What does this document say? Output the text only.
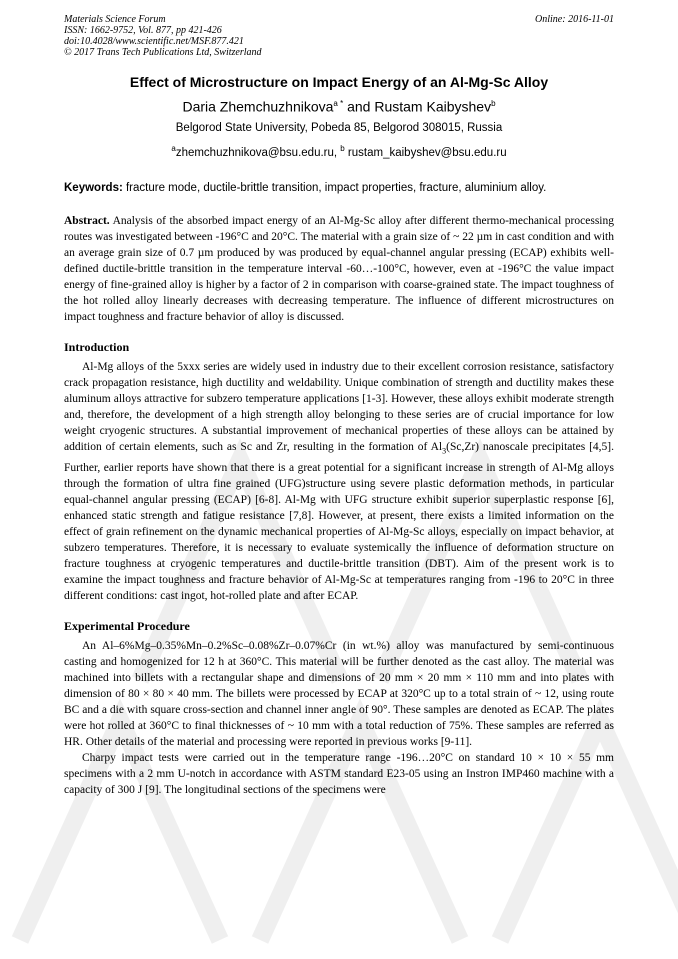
Materials Science Forum
ISSN: 1662-9752, Vol. 877, pp 421-426
doi:10.4028/www.scientific.net/MSF.877.421
© 2017 Trans Tech Publications Ltd, Switzerland
Online: 2016-11-01
Effect of Microstructure on Impact Energy of an Al-Mg-Sc Alloy
Daria Zhemchuzhnikova$^{a *}$ and Rustam Kaibyshev$^b$
Belgorod State University, Pobeda 85, Belgorod 308015, Russia
$^a$zhemchuzhnikova@bsu.edu.ru, $^b$ rustam_kaibyshev@bsu.edu.ru
Keywords: fracture mode, ductile-brittle transition, impact properties, fracture, aluminium alloy.

Abstract. Analysis of the absorbed impact energy of an Al-Mg-Sc alloy after different thermo-mechanical processing routes was investigated between -196°C and 20°C. The material with a grain size of ~ 22 µm in cast condition and with an average grain size of 0.7 µm produced by was produced by equal-channel angular pressing (ECAP) exhibits well-defined ductile-brittle transition in the temperature interval -60…-100°C, however, even at -196°C the value impact energy of fine-grained alloy is higher by a factor of 2 in comparison with coarse-grained state. The impact toughness of the hot rolled alloy linearly decreases with decreasing temperature. The influence of different microstructures on impact toughness and fracture behavior of alloy is discussed.

Introduction

Al-Mg alloys of the 5xxx series are widely used in industry due to their excellent corrosion resistance, satisfactory crack propagation resistance, high ductility and weldability. Unique combination of strength and ductility makes these aluminum alloys attractive for subzero temperature applications [1-3]. However, these alloys exhibit moderate strength and, therefore, the development of a high strength alloy belonging to these series are of crucial importance for low weight cryogenic structures. A substantial improvement of mechanical properties of these alloys can be attained by addition of certain elements, such as Sc and Zr, resulting in the formation of $Al_3(Sc,Zr)$ nanoscale precipitates [4,5]. Further, earlier reports have shown that there is a great potential for a significant increase in strength of Al-Mg alloys through the formation of ultra fine grained (UFG)structure using severe plastic deformation methods, in particular equal-channel angular pressing (ECAP) [6-8]. Al-Mg with UFG structure exhibit superior superplastic response [6], enhanced static strength and fatigue resistance [7,8]. However, at present, there exists a limited information on the effect of grain refinement on the dynamic mechanical properties of Al-Mg-Sc alloys, especially on impact behavior, at subzero temperatures. Therefore, it is necessary to evaluate systemically the influence of deformation structure on fracture toughness at cryogenic temperatures and ductile-brittle transition (DBT). Aim of the present work is to examine the impact toughness and fracture behavior of Al-Mg-Sc at temperatures ranging from -196 to 20°C in three different conditions: cast ingot, hot-rolled plate and after ECAP.

Experimental Procedure

An Al–6%Mg–0.35%Mn–0.2%Sc–0.08%Zr–0.07%Cr (in wt.%) alloy was manufactured by semi-continuous casting and homogenized for 12 h at 360°C. This material will be further denoted as the cast alloy. The material was machined into billets with a rectangular shape and dimensions of 20 mm × 20 mm × 110 mm and into plates with dimension of 80 × 80 × 40 mm. The billets were processed by ECAP at 320°C up to a total strain of ~ 12, using route BC and a die with square cross-section and channel inner angle of 90°. These samples are denoted as ECAP. The plates were hot rolled at 360°C to final thicknesses of ~ 10 mm with a total reduction of 75%. These samples are referred as HR. Other details of the material and processing were reported in previous works [9-11].

Charpy impact tests were carried out in the temperature range -196…20°C on standard 10 × 10 × 55 mm specimens with a 2 mm U-notch in accordance with ASTM standard E23-05 using an Instron IMP460 machine with a capacity of 300 J [9]. The longitudinal sections of the specimens were
